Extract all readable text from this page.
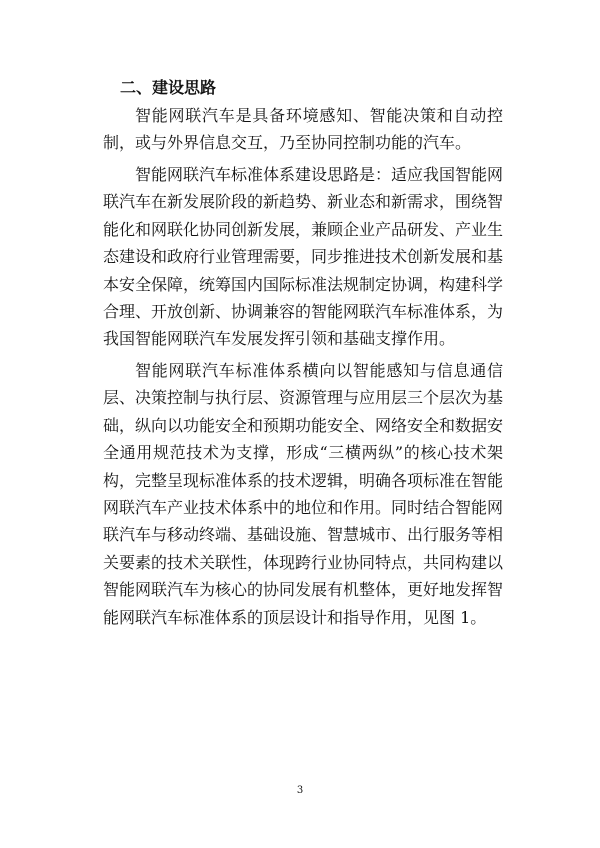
二、建设思路

智能网联汽车是具备环境感知、智能决策和自动控制，或与外界信息交互，乃至协同控制功能的汽车。

智能网联汽车标准体系建设思路是：适应我国智能网联汽车在新发展阶段的新趋势、新业态和新需求，围绕智能化和网联化协同创新发展，兼顾企业产品研发、产业生态建设和政府行业管理需要，同步推进技术创新发展和基本安全保障，统筹国内国际标准法规制定协调，构建科学合理、开放创新、协调兼容的智能网联汽车标准体系，为我国智能网联汽车发展发挥引领和基础支撑作用。

智能网联汽车标准体系横向以智能感知与信息通信层、决策控制与执行层、资源管理与应用层三个层次为基础，纵向以功能安全和预期功能安全、网络安全和数据安全通用规范技术为支撑，形成“三横两纵”的核心技术架构，完整呈现标准体系的技术逻辑，明确各项标准在智能网联汽车产业技术体系中的地位和作用。同时结合智能网联汽车与移动终端、基础设施、智慧城市、出行服务等相关要素的技术关联性，体现跨行业协同特点，共同构建以智能网联汽车为核心的协同发展有机整体，更好地发挥智能网联汽车标准体系的顶层设计和指导作用，见图 1。

3
